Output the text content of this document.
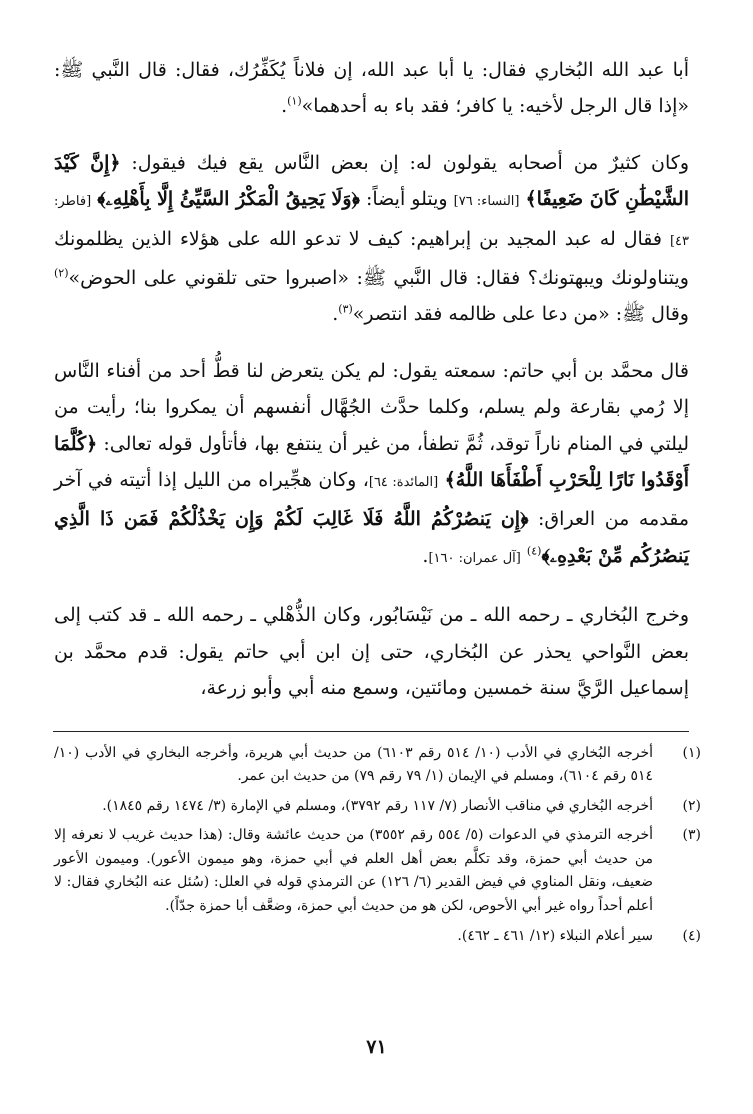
أبا عبد الله البُخاري فقال: يا أبا عبد الله، إن فلاناً يُكَفِّرُك، فقال: قال النَّبي ﷺ: «إذا قال الرجل لأخيه: يا كافر؛ فقد باء به أحدهما»$^{(١)}$.

وكان كثيرٌ من أصحابه يقولون له: إن بعض النَّاس يقع فيك فيقول: ﴿إِنَّ كَيْدَ الشَّيْطَٰنِ كَانَ ضَعِيفًا﴾ [النساء: ٧٦] ويتلو أيضاً: ﴿وَلَا يَحِيقُ الْمَكْرُ السَّيِّئُ إِلَّا بِأَهْلِهِۦ﴾ [فاطر: ٤٣] فقال له عبد المجيد بن إبراهيم: كيف لا تدعو الله على هؤلاء الذين يظلمونك ويتناولونك ويبهتونك؟ فقال: قال النَّبي ﷺ: «اصبروا حتى تلقوني على الحوض»$^{(٢)}$ وقال ﷺ: «من دعا على ظالمه فقد انتصر»$^{(٣)}$.

قال محمَّد بن أبي حاتم: سمعته يقول: لم يكن يتعرض لنا قطُّ أحد من أفناء النَّاس إلا رُمي بقارعة ولم يسلم، وكلما حدَّث الجُهَّال أنفسهم أن يمكروا بنا؛ رأيت من ليلتي في المنام ناراً توقد، ثُمَّ تطفأ، من غير أن ينتفع بها، فأتأول قوله تعالى: ﴿كُلَّمَا أَوْقَدُوا نَارًا لِلْحَرْبِ أَطْفَأَهَا اللَّهُ﴾ [المائدة: ٦٤]، وكان هجِّيراه من الليل إذا أتيته في آخر مقدمه من العراق: ﴿إِن يَنصُرْكُمُ اللَّهُ فَلَا غَالِبَ لَكُمْ وَإِن يَخْذُلْكُمْ فَمَن ذَا الَّذِي يَنصُرُكُم مِّنْ بَعْدِهِۦ﴾$^{(٤)}$ [آل عمران: ١٦٠].

وخرج البُخاري ـ رحمه الله ـ من نَيْسَابُور، وكان الذُّهْلي ـ رحمه الله ـ قد كتب إلى بعض النَّواحي يحذر عن البُخاري، حتى إن ابن أبي حاتم يقول: قدم محمَّد بن إسماعيل الرَّيَّ سنة خمسين ومائتين، وسمع منه أبي وأبو زرعة،

(١)
أخرجه البُخاري في الأدب (١٠/ ٥١٤ رقم ٦١٠٣) من حديث أبي هريرة، وأخرجه البخاري في الأدب (١٠/ ٥١٤ رقم ٦١٠٤)، ومسلم في الإيمان (١/ ٧٩ رقم ٧٩) من حديث ابن عمر.
(٢)
أخرجه البُخاري في مناقب الأنصار (٧/ ١١٧ رقم ٣٧٩٢)، ومسلم في الإمارة (٣/ ١٤٧٤ رقم ١٨٤٥).
(٣)
أخرجه الترمذي في الدعوات (٥/ ٥٥٤ رقم ٣٥٥٢) من حديث عائشة وقال: (هذا حديث غريب لا نعرفه إلا من حديث أبي حمزة، وقد تكلَّم بعض أهل العلم في أبي حمزة، وهو ميمون الأعور). وميمون الأعور ضعيف، ونقل المناوي في فيض القدير (٦/ ١٢٦) عن الترمذي قوله في العلل: (سُئل عنه البُخاري فقال: لا أعلم أحداً رواه غير أبي الأحوص، لكن هو من حديث أبي حمزة، وضعَّف أبا حمزة جدّاً).
(٤)
سير أعلام النبلاء (١٢/ ٤٦١ ـ ٤٦٢).
٧١
